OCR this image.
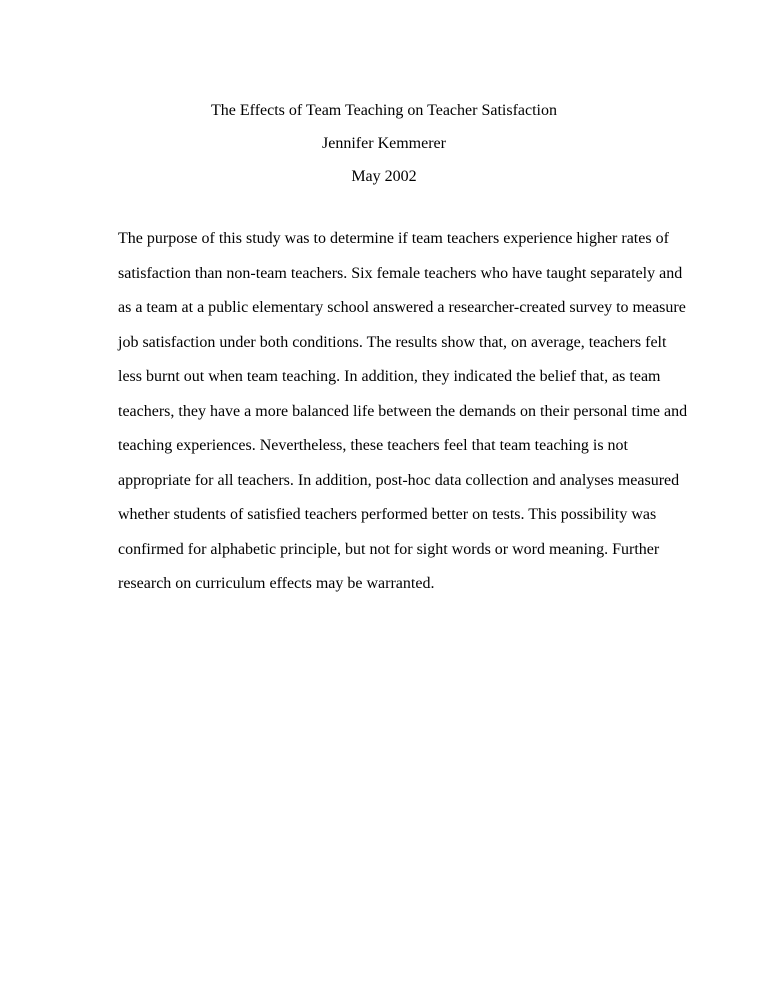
The Effects of Team Teaching on Teacher Satisfaction
Jennifer Kemmerer
May 2002
The purpose of this study was to determine if team teachers experience higher rates of
satisfaction than non-team teachers. Six female teachers who have taught separately and
as a team at a public elementary school answered a researcher-created survey to measure
job satisfaction under both conditions. The results show that, on average, teachers felt
less burnt out when team teaching. In addition, they indicated the belief that, as team
teachers, they have a more balanced life between the demands on their personal time and
teaching experiences. Nevertheless, these teachers feel that team teaching is not
appropriate for all teachers. In addition, post-hoc data collection and analyses measured
whether students of satisfied teachers performed better on tests. This possibility was
confirmed for alphabetic principle, but not for sight words or word meaning. Further
research on curriculum effects may be warranted.
